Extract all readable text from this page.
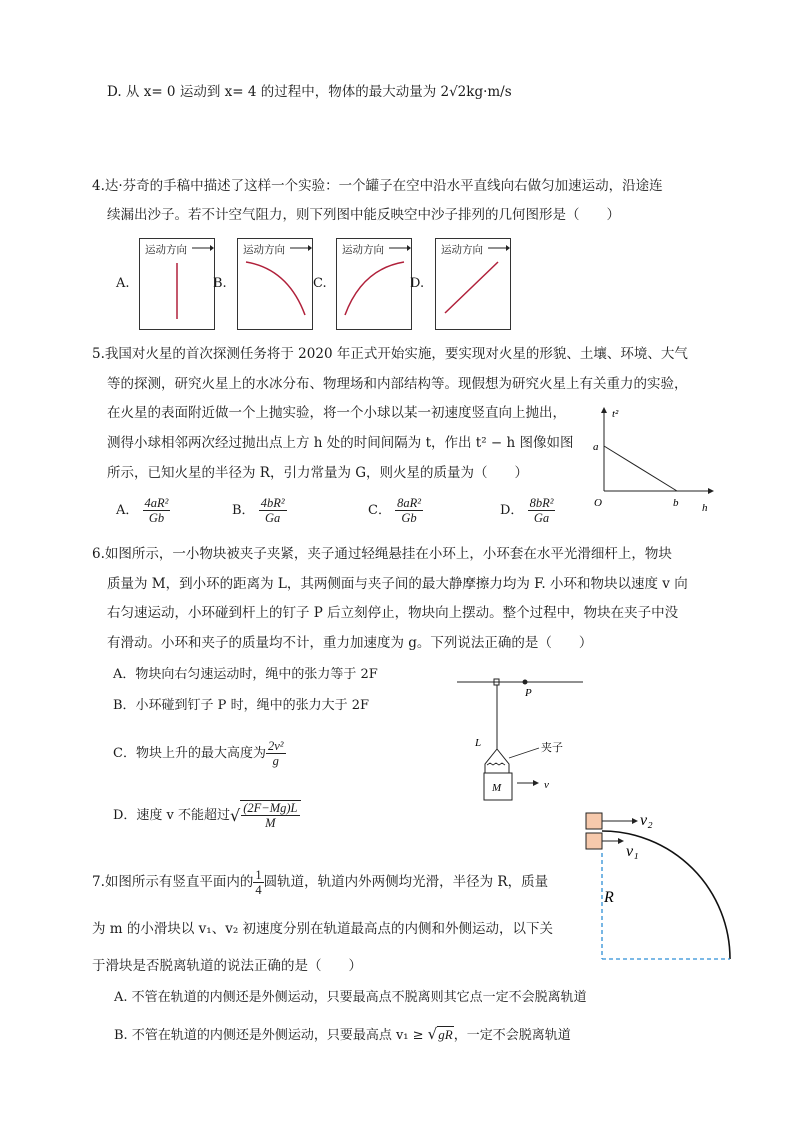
D. 从 x= 0 运动到 x= 4 的过程中，物体的最大动量为 2√2kg·m/s
4.达·芬奇的手稿中描述了这样一个实验：一个罐子在空中沿水平直线向右做匀加速运动，沿途连
续漏出沙子。若不计空气阻力，则下列图中能反映空中沙子排列的几何图形是（　　）
A.
运动方向
B.
运动方向
C.
运动方向
D.
运动方向
5.我国对火星的首次探测任务将于 2020 年正式开始实施，要实现对火星的形貌、土壤、环境、大气
等的探测，研究火星上的水冰分布、物理场和内部结构等。现假想为研究火星上有关重力的实验，
在火星的表面附近做一个上抛实验，将一个小球以某一初速度竖直向上抛出，
测得小球相邻两次经过抛出点上方 h 处的时间间隔为 t，作出 t² − h 图像如图
所示，已知火星的半径为 R，引力常量为 G，则火星的质量为（　　）
t²
a
O	b h
A． $\frac{\text{4aR²}}{Gb}$	B． $\frac{\text{4bR²}}{Ga}$	C． $\frac{\text{8aR²}}{Gb}$	D． $\frac{\text{8bR²}}{Ga}$
6.如图所示，一小物块被夹子夹紧，夹子通过轻绳悬挂在小环上，小环套在水平光滑细杆上，物块
质量为 M，到小环的距离为 L，其两侧面与夹子间的最大静摩擦力均为 F. 小环和物块以速度 v 向
右匀速运动，小环碰到杆上的钉子 P 后立刻停止，物块向上摆动。整个过程中，物块在夹子中没
有滑动。小环和夹子的质量均不计，重力加速度为 g。下列说法正确的是（　　）
A．物块向右匀速运动时，绳中的张力等于 2F
B．小环碰到钉子 P 时，绳中的张力大于 2F
C．物块上升的最大高度为 $\frac{\text{2v²}}{g}$
D．速度 v 不能超过√ $\frac{(2F-Mg)L}{M}$
P
L	夹子
M	v
7.如图所示有竖直平面内的 $\frac{1}{4}$ 圆轨道，轨道内外两侧均光滑，半径为 R，质量
为 m 的小滑块以 v₁、v₂ 初速度分别在轨道最高点的内侧和外侧运动，以下关
于滑块是否脱离轨道的说法正确的是（　　）
A. 不管在轨道的内侧还是外侧运动，只要最高点不脱离则其它点一定不会脱离轨道
B. 不管在轨道的内侧还是外侧运动，只要最高点 v₁ ≥ √gR，一定不会脱离轨道
v₂
v₁
R
